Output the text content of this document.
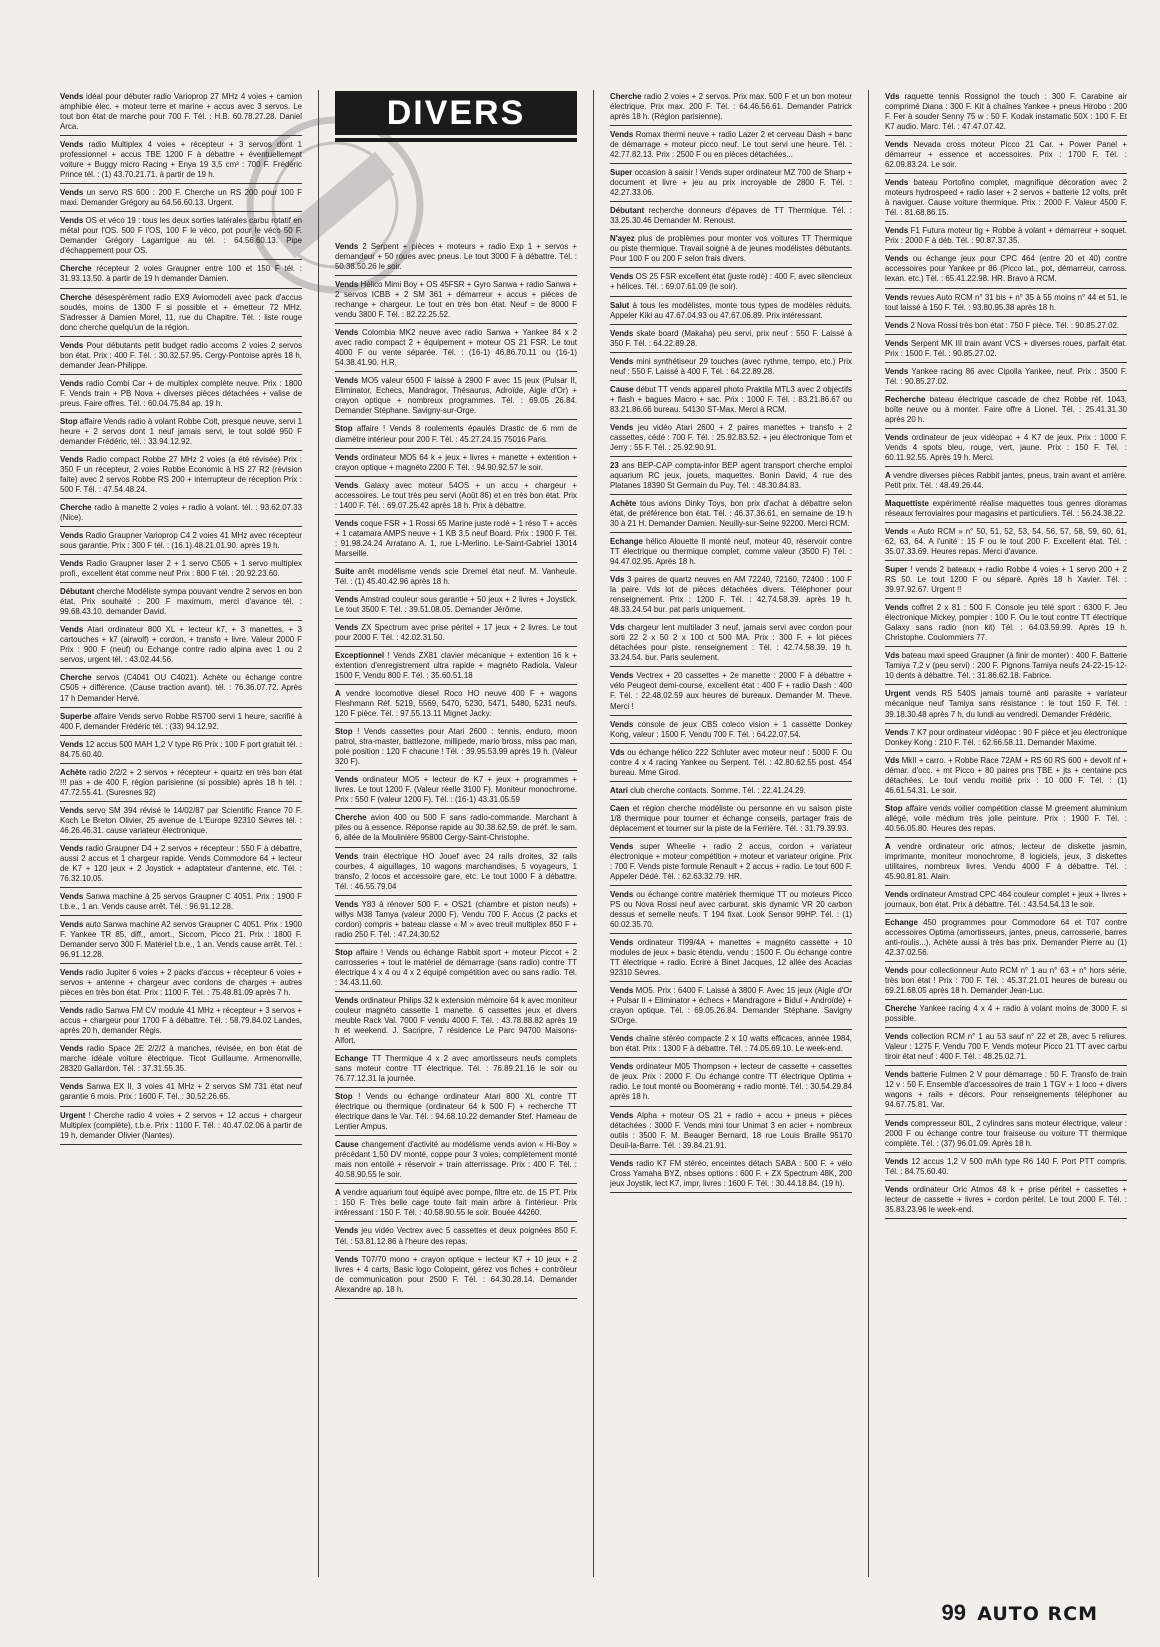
DIVERS
Vends idéal pour débuter radio Varioprop 27 MHz 4 voies + camion amphibie élec. + moteur terre et marine + accus avec 3 servos. Le tout bon état de marche pour 700 F. Tél. : H.B. 60.78.27.28. Daniel Arca.
Vends radio Multiplex 4 voies + récepteur + 3 servos dont 1 professionnel + accus TBE 1200 F à débattre + éventuellement voiture + Buggy micro Racing + Enya 19 3,5 cm³ : 700 F. Frédéric Prince tél. : (1) 43.70.21.71. à partir de 19 h.
Vends un servo RS 600 : 200 F. Cherche un RS 200 pour 100 F maxi. Demander Grégory au 64.56.60.13. Urgent.
Vends OS et véco 19 : tous les deux sorties latérales carbu rotatif en métal pour l'OS. 500 F l'OS, 100 F le véco, pot pour le véco 50 F. Demander Grégory Lagarrigue au tél. : 64.56.60.13. Pipe d'échappement pour OS.
Cherche récepteur 2 voies Graupner entre 100 et 150 F tél. : 31.93.13.50. à partir de 19 h demander Damien.
Cherche désespérément radio EX9 Aviomodeli avec pack d'accus soudés, moins de 1300 F si possible et + émetteur 72 MHz. S'adresser à Damien Morel, 11, rue du Chapitre. Tél. : liste rouge donc cherche quelqu'un de la région.
Vends Pour débutants petit budget radio accoms 2 voies 2 servos bon état. Prix : 400 F. Tél. : 30.32.57.95. Cergy-Pontoise après 18 h, demander Jean-Philippe.
Vends radio Combi Car + de multiplex complète neuve. Prix : 1800 F. Vends train + PB Nova + diverses pièces détachées + valise de preus. Faire offres. Tél. : 60.04.75.84 ap. 19 h.
Stop affaire Vends radio à volant Robbe Colt, presque neuve, servi 1 heure + 2 servos dont 1 neuf jamais servi, le tout soldé 950 F demander Frédéric, tél. : 33.94.12.92.
Vends Radio compact Robbe 27 MHz 2 voies (a été révisée) Prix : 350 F un récepteur, 2 voies Robbe Economic à HS 27 R2 (révision faite) avec 2 servos Robbe RS 200 + interrupteur de réception Prix : 500 F. Tél. : 47.54.48.24.
Cherche radio à manette 2 voies + radio à volant. tél. : 93.62.07.33 (Nice).
Vends Radio Graupner Varioprop C4 2 voies 41 MHz avec récepteur sous garantie. Prix : 300 F tél. : (16.1).48.21.01.90. après 19 h.
Vends Radio Graupner laser 2 + 1 servo C505 + 1 servo multiplex profi., excellent état comme neuf Prix : 800 F tél. : 20.92.23.60.
Débutant cherche Modéliste sympa pouvant vendre 2 servos en bon état. Prix souhaité : 200 F maximum, merci d'avance tél. : 99.68.43.10. demander David.
Vends Atari ordinateur 800 XL + lecteur k7, + 3 manettes, + 3 cartouches + k7 (airwolf) + cordon, + transfo + livre. Valeur 2000 F Prix : 900 F (neuf) ou Echange contre radio alpina avec 1 ou 2 servos, urgent tél. : 43.02.44.56.
Cherche servos (C4041 OU C4021). Achète ou échange contre C505 + différence. (Cause traction avant). tél. : 76.36.07.72. Après 17 h Demander Hervé.
Superbe affaire Vends servo Robbe RS700 servi 1 heure, sacrifié à 400 F, demander Frédéric tél. : (33) 94.12.92.
Vends 12 accus 500 MAH 1,2 V type R6 Prix : 100 F port gratuit tél. : 84.75.60.40.
Achète radio 2/2/2 + 2 servos + récepteur + quartz en très bon état !!! pas + de 400 F, région parisienne (si possible) après 18 h tél. : 47.72.55.41. (Suresnes 92)
Vends servo SM 394 révisé le 14/02/87 par Scientific France 70 F. Koch Le Breton Olivier, 25 avenue de L'Europe 92310 Sèvres tél. : 46.26.46.31. cause variateur électronique.
Vends radio Graupner D4 + 2 servos + récepteur : 550 F à débattre, aussi 2 accus et 1 chargeur rapide. Vends Commodore 64 + lecteur de K7 + 120 jeux + 2 Joystick + adaptateur d'antenne, etc. Tél. : 76.32.10.05.
Vends Sanwa machine à 25 servos Graupner C 4051. Prix : 1900 F t.b.e., 1 an. Vends cause arrêt. Tél. : 96.91.12.28.
Vends auto Sanwa machine A2 servos Graupner C 4051. Prix : 1900 F. Yankee TR 85, diff., amort., Siccom, Picco 21. Prix : 1800 F. Demander servo 300 F. Matériel t.b.e., 1 an. Vends cause arrêt. Tél. : 96.91.12.28.
Vends radio Jupiter 6 voies + 2 packs d'accus + récepteur 6 voies + servos + antenne + chargeur avec cordons de charges + autres pièces en très bon état. Prix : 1100 F. Tél. : 75.48.81.09 après 7 h.
Vends radio Sanwa FM CV module 41 MHz + récepteur + 3 servos + accus + chargeur pour 1700 F à débattre. Tél. : 58.79.84.02 Landes, après 20 h, demander Régis.
Vends radio Space 2E 2/2/2 à manches, révisée, en bon état de marche idéale voiture électrique. Ticot Guillaume. Armenonville, 28320 Gallardon. Tél. : 37.31.55.35.
Vends Sanwa EX II, 3 voies 41 MHz + 2 servos SM 731 état neuf garantie 6 mois. Prix : 1600 F. Tél. : 30.52.26.65.
Urgent ! Cherche radio 4 voies + 2 servos + 12 accus + chargeur Multiplex (complète), t.b.e. Prix : 1100 F. Tél. : 40.47.02.06 à partir de 19 h, demander Olivier (Nantes).
Vends 2 Serpent + pièces + moteurs + radio Exp 1 + servos + demandeur + 50 roues avec pneus. Le tout 3000 F à débattre. Tél. : 50.38.50.26 le soir.
Vends Hélico Mimi Boy + OS 45FSR + Gyro Sanwa + radio Sanwa + 2 servos ICBB + 2 SM 361 + démarreur + accus + pièces de rechange + chargeur. Le tout en très bon état. Neuf = de 8000 F vendu 3800 F. Tél. : 82.22.25.52.
Vends Colombia MK2 neuve avec radio Sanwa + Yankee 84 x 2 avec radio compact 2 + équipement + moteur OS 21 FSR. Le tout 4000 F ou vente séparée. Tél. : (16-1) 46.86.70.11 ou (16-1) 54.38.41.90. H.R.
Vends MO5 valeur 6500 F laissé à 2900 F avec 15 jeux (Pulsar II, Eliminator, Echecs, Mandragor, Thésaurus, Adroïde, Aigle d'Or) + crayon optique + nombreux programmes. Tél. : 69.05 26.84. Demander Stéphane. Savigny-sur-Orge.
Stop affaire ! Vends 8 roulements épaulés Drastic de 6 mm de diamètre intérieur pour 200 F. Tél. : 45.27.24.15 75016 Paris.
Vends ordinateur MO5 64 k + jeux + livres + manette + extention + crayon optique + magnéto 2200 F. Tél. : 94.90.92.57 le soir.
Vends Galaxy avec moteur 54OS + un accu + chargeur + accessoires. Le tout très peu servi (Août 86) et en très bon état. Prix : 1400 F. Tél. : 69.07.25.42 après 18 h. Prix à débattre.
Vends coque FSR + 1 Rossi 65 Marine juste rodé + 1 réso T + accès + 1 catamara AMPS neuve + 1 KB 3,5 neuf Board. Prix : 1900 F. Tél. : 91.98.24.24 Arratano A. 1, rue L-Merlino. Le-Saint-Gabriel 13014 Marseille.
Suite arrêt modélisme vends scie Dremel état neuf. M. Vanheule. Tél. : (1) 45.40.42.96 après 18 h.
Vends Amstrad couleur sous garantie + 50 jeux + 2 livres + Joystick. Le tout 3500 F. Tél. : 39.51.08.05. Demander Jérôme.
Vends ZX Spectrum avec prise péritel + 17 jeux + 2 livres. Le tout pour 2000 F. Tél. : 42.02.31.50.
Exceptionnel ! Vends ZX81 clavier mécanique + extention 16 k + extention d'enregistrement ultra rapide + magnéto Radiola. Valeur 1500 F, Vendu 800 F. Tél. : 35.60.51.18
A vendre locomotive diesel Roco HO neuve 400 F + wagons Fleshmann Réf. 5219, 5569, 5470, 5230, 5471, 5480, 5231 neufs. 120 F pièce. Tél. : 97.55.13.11 Mignet Jacky.
Stop ! Vends cassettes pour Atari 2600 : tennis, enduro, moon patrol, stra-master, battlezone, millipede, mario bross, miss pac man, pole position : 120 F chacune ! Tél. : 39.95.53.99 après 19 h. (Valeur 320 F).
Vends ordinateur MO5 + lecteur de K7 + jeux + programmes + livres. Le tout 1200 F. (Valeur réelle 3100 F). Moniteur monochrome. Prix : 550 F (valeur 1200 F). Tél. : (16-1) 43.31.05.59
Cherche avion 400 ou 500 F sans radio-commande. Marchant à piles ou à essence. Réponse rapide au 30.38.62.59. de préf. le sam. 6, allée de la Moulinière 95800 Cergy-Saint-Christophe.
Vends train électrique HO Jouef avec 24 rails droites, 32 rails courbes, 4 aiguillages, 10 wagons marchandises, 5 voyageurs, 1 transfo, 2 locos et accessoire gare, etc. Le tout 1000 F à débattre. Tél. : 46.55.79.04
Vends Y83 à rénover 500 F. + OS21 (chambre et piston neufs) + willys M38 Tamya (valeur 2000 F). Vendu 700 F. Accus (2 packs et cordon) compris + bateau classe « M » avec treuil multiplex 850 F + radio 250 F. Tél. : 47.24.30.52
Stop affaire ! Vends ou échange Rabbit sport + moteur Piccot + 2 carrosseries + tout le matériel de démarrage (sans radio) contre TT électrique 4 x 4 ou 4 x 2 équipé compétition avec ou sans radio. Tél. : 34.43.11.60.
Vends ordinateur Philips 32 k extension mémoire 64 k avec moniteur couleur magnéto cassette 1 manette. 6 cassettes jeux et divers meuble Rack Val. 7000 F vendu 4000 F. Tél. : 43.78.88.82 après 19 h et weekend. J. Sacripre, 7 résidence Le Parc 94700 Maisons-Alfort.
Echange TT Thermique 4 x 2 avec amortisseurs neufs complets sans moteur contre TT électrique. Tél. : 76.89.21.16 le soir ou 76.77.12.31 la journée.
Stop ! Vends ou échange ordinateur Atari 800 XL contre TT électrique ou thermique (ordinateur 64 k 500 F) + recherche TT électrique dans le Var. Tél. : 94.68.10.22 demander Stef. Hameau de Lentier Ampus.
Cause changement d'activité au modélisme vends avion « Hi-Boy » précédant 1,50 DV monté, coppe pour 3 voies, complètement monté mais non entoilé + réservoir + train atterrissage. Prix : 400 F. Tél. : 40.58.90.55 le soir.
A vendre aquarium tout équipé avec pompe, filtre etc. de 15 PT. Prix : 150 F. Très belle cage toute fait main arbre à l'intérieur. Prix intéressant : 150 F. Tél. : 40.58.90.55 le soir. Bouée 44260.
Vends jeu vidéo Vectrex avec 5 cassettes et deux poignées 850 F. Tél. : 53.81.12.86 à l'heure des repas.
Vends T07/70 mono + crayon optique + lecteur K7 + 10 jeux + 2 livres + 4 carts, Basic logo Colopeint, gérez vos fiches + contrôleur de communication pour 2500 F. Tél. : 64.30.28.14. Demander Alexandre ap. 18 h.
Cherche radio 2 voies + 2 servos. Prix max. 500 F et un bon moteur électrique. Prix max. 200 F. Tél. : 64.46.56.61. Demander Patrick après 18 h. (Région parisienne).
Vends Romax thermi neuve + radio Lazer 2 et cerveau Dash + banc de démarrage + moteur picco neuf. Le tout servi une heure. Tél. : 42.77.82.13. Prix : 2500 F ou en pièces détachées...
Super occasion à saisir ! Vends super ordinateur MZ 700 de Sharp + document et livre + jeu au prix incroyable de 2800 F. Tél. : 42.27.33.06.
Débutant recherche donneurs d'épaves de TT Thermique. Tél. : 33.25.30.46 Demander M. Renoust.
N'ayez plus de problèmes pour monter vos voitures TT Thermique ou piste thermique. Travail soigné à de jeunes modélistes débutants. Pour 100 F ou 200 F selon frais divers.
Vends OS 25 FSR excellent état (juste rodé) : 400 F, avec silencieux + hélices. Tél. : 69.07.61.09 (le soir).
Salut à tous les modélistes, monte tous types de modèles réduits. Appeler Kiki au 47.67.04.93 ou 47.67.06.89. Prix intéressant.
Vends skate board (Makaha) peu servi, prix neuf : 550 F. Laissé à 350 F. Tél. : 64.22.89.28.
Vends mini synthétiseur 29 touches (avec rythme, tempo, etc.) Prix neuf : 550 F. Laissé à 400 F. Tél. : 64.22.89.28.
Cause début TT vends appareil photo Praktila MTL3 avec 2 objectifs + flash + bagues Macro + sac. Prix : 1000 F. Tél. : 83.21.86.67 ou 83.21.86.66 bureau. 54130 ST-Max. Merci à RCM.
Vends jeu vidéo Atari 2600 + 2 paires manettes + transfo + 2 cassettes, cédé : 700 F. Tél. : 25.92.83.52. + jeu électronique Tom et Jerry : 55 F. Tél. : 25.92.90.91.
23 ans BEP-CAP compta-infor BEP agent transport cherche emploi aquarium RC jeux, jouets, maquettes. Bonin David, 4 rue des Platanes 18390 St Germain du Puy. Tél. : 48.30.84.83.
Achète tous avions Dinky Toys, bon prix d'achat à débattre selon état, de préférence bon état. Tél. : 46.37.36.61, en semaine de 19 h 30 à 21 H. Demander Damien. Neuilly-sur-Seine 92200. Merci RCM.
Echange hélico Alouette II monté neuf, moteur 40, réservoir contre TT électrique ou thermique complet, comme valeur (3500 F) Tél. : 94.47.02.95. Après 18 h.
Vds 3 paires de quartz neuves en AM 72240, 72160, 72400 : 100 F la paire. Vds lot de pièces détachées divers. Téléphoner pour renseignement. Prix : 1200 F. Tél. : 42.74.58.39. après 19 h. 48.33.24.54 bur. pat paris uniquement.
Vds chargeur lent multilader 3 neuf, jamais servi avec cordon pour sorti 22 2 x 50 2 x 100 ct 500 MA. Prix : 300 F. + lot pièces détachées pour piste. renseignement : Tél. : 42.74.58.39. 19 h. 33.24.54. bur. Paris seulement.
Vends Vectrex + 20 cassettes + 2e manette : 2000 F à débattre + vélo Peugeot demi-course, excellent état : 400 F + radio Dash : 400 F. Tél. : 22.48.02.59 aux heures de bureaux. Demander M. Theve. Merci !
Vends console de jeux CBS coleco vision + 1 cassette Donkey Kong, valeur : 1500 F. Vendu 700 F. Tél. : 64.22.07.54.
Vds ou échange hélico 222 Schluter avec moteur neuf : 5000 F. Ou contre 4 x 4 racing Yankee ou Serpent. Tél. : 42.80.62.55 post. 454 bureau. Mme Girod.
Atari club cherche contacts. Somme. Tél. : 22.41.24.29.
Caen et région cherche modéliste ou personne en vu saison piste 1/8 thermique pour tourner et échange conseils, partager frais de déplacement et tourner sur la piste de la Ferrière. Tél. : 31.79.39.93.
Vends super Wheelie + radio 2 accus, cordon + variateur électronique + moteur compétition + moteur et variateur origine. Prix : 700 F. Vends piste formule Renault + 2 accus + radio. Le tout 600 F. Appeler Dédé. Tél. : 62.63.32.79. HR.
Vends ou échange contre matériek thermique TT ou moteurs Picco PS ou Nova Rossi neuf avec carburat. skis dynamic VR 20 carbon dessus et semelle neufs. T 194 fixat. Look Sensor 99HP. Tél. : (1) 60.02.35.70.
Vends ordinateur TI99/4A + manettes + magnéto cassette + 10 modules de jeux + basic étendu, vendu : 1500 F. Ou échange contre TT électrique + radio. Ecrire à Binet Jacques, 12 allée des Acacias 92310 Sèvres.
Vends MO5. Prix : 6400 F. Laissé à 3800 F. Avec 15 jeux (Aigle d'Or + Pulsar II + Eliminator + échecs + Mandragore + Bidul + Androïde) + crayon optique. Tél. : 69.05.26.84. Demander Stéphane. Savigny S/Orge.
Vends chaîne stéréo compacte 2 x 10 watts efficaces, année 1984, bon état. Prix : 1300 F à débattre. Tél. : 74.05.69.10. Le week-end.
Vends ordinateur M05 Thompson + lecteur de cassette + cassettes de jeux. Prix : 2000 F. Ou échange contre TT électrique Optima + radio. Le tout monté ou Boomerang + radio monté. Tél. : 30.54.29.84 après 18 h.
Vends Alpha + moteur OS 21 + radio + accu + pneus + pièces détachées : 3000 F. Vends mini tour Unimat 3 en acier + nombreux outils : 3500 F. M. Beauger Bernard, 18 rue Louis Braille 95170 Deuil-la-Barre. Tél. : 39.84.21.91.
Vends radio K7 FM stéréo, enceintes détach SABA : 500 F. + vélo Cross Yamaha BYZ, nbses options : 600 F. + ZX Spectrum 48K, 200 jeux Joystik, lect K7, impr, livres : 1600 F. Tél. : 30.44.18.84. (19 h).
Vds raquette tennis Rossignol the touch : 300 F. Carabine air comprimé Diana : 300 F. Kit à chaînes Yankee + pneus Hirobo : 200 F. Fer à souder Senny 75 w : 50 F. Kodak instamatic 50X : 100 F. Et K7 audio. Marc. Tél. : 47.47.07.42.
Vends Nevada cross moteur Picco 21 Car. + Power Panel + démarreur + essence et accessoires. Prix : 1700 F. Tél. : 62.09.83.24. Le soir.
Vends bateau Portofino complet, magnifique décoration avec 2 moteurs hydrospeed + radio laser + 2 servos + batterie 12 volts, prêt à naviguer. Cause voiture thermique. Prix : 2000 F. Valeur 4500 F. Tél. : 81.68.86.15.
Vends F1 Futura moteur tig + Robbe à volant + démarreur + soquet. Prix : 2000 F à déb. Tél. : 90.87.37.35.
Vends ou échange jeux pour CPC 464 (entre 20 et 40) contre accessoires pour Yankee pr 86 (Picco lat., pot, démarreur, carross. lexan. etc.) Tél. : 65.41.22.98. HR. Bravo à RCM.
Vends revues Auto RCM n° 31 bis + n° 35 à 55 moins n° 44 et 51, le tout laissé à 150 F. Tél. : 93.80.95.38 après 18 h.
Vends 2 Nova Rossi très bon état : 750 F pièce. Tél. : 90.85.27.02.
Vends Serpent MK III train avant VCS + diverses roues, parfait état. Prix : 1500 F. Tél. : 90.85.27.02.
Vends Yankee racing 86 avec Cipolla Yankee, neuf. Prix : 3500 F. Tél. : 90.85.27.02.
Recherche bateau électrique cascade de chez Robbe réf. 1043, boîte neuve ou à monter. Faire offre à Lionel. Tél. : 25.41.31.30 après 20 h.
Vends ordinateur de jeux vidéopac + 4 K7 de jeux. Prix : 1000 F. Vends 4 spots bleu, rouge, vert, jaune. Prix : 150 F. Tél. : 60.11.92.55. Après 19 h. Merci.
A vendre diverses pièces Rabbit jantes, pneus, train avant et arrière. Petit prix. Tél. : 48.49.26.44.
Maquettiste expérimenté réalise maquettes tous genres dioramas réseaux ferroviaires pour magasins et particuliers. Tél. : 56.24.38.22.
Vends « Auto RCM » n° 50, 51, 52, 53, 54, 56, 57, 58, 59, 60, 61, 62, 63, 64. A l'unité : 15 F ou le tout 200 F. Excellent état. Tél. : 35.07.33.69. Heures repas. Merci d'avance.
Super ! vends 2 bateaux + radio Robbe 4 voies + 1 servo 200 + 2 RS 50. Le tout 1200 F ou séparé. Après 18 h Xavier. Tél. : 39.97.92.67. Urgent !!
Vends coffret 2 x 81 : 500 F. Console jeu télé sport : 6300 F. Jeu électronique Mickey, pompier : 100 F. Ou le tout contre TT électrique Galaxy sans radio (non kit) Tél. : 64.03.59.99. Après 19 h. Christophe. Coulommiers 77.
Vds bateau maxi speed Graupner (à finir de monter) : 400 F. Batterie Tamiya 7,2 v (peu servi) : 200 F. Pignons Tamiya neufs 24-22-15-12-10 dents à débattre. Tél. : 31.86.62.18. Fabrice.
Urgent vends RS 540S jamais tourné anti parasite + variateur mécanique neuf Tamiya sans résistance : le tout 150 F. Tél. : 39.18.30.48 après 7 h, du lundi au vendredi. Demander Frédéric.
Vends 7 K7 pour ordinateur vidéopac : 90 F pièce et jeu électronique Donkey Kong : 210 F. Tél. : 62.66.58.11. Demander Maxime.
Vds MkII + carro. + Robbe Race 72AM + RS 60 RS 600 + devolt nf + démar. d'occ. + mt Picco + 80 paires pns TBE + jts + centaine pcs détachées. Le tout vendu moitié prix : 10 000 F. Tél. : (1) 46.61.54.31. Le soir.
Stop affaire vends voilier compétition classe M greement aluminium allégé, voile médium très jolie peinture. Prix : 1900 F. Tél. : 40.56.05.80. Heures des repas.
A vendre ordinateur oric atmos, lecteur de diskette jasmin, imprimante, moniteur monochrome, 8 logiciels, jeux, 3 diskettes utilitaires, nombreux livres. Vendu 4000 F à débattre. Tél. : 45.90.81.81. Alain.
Vends ordinateur Amstrad CPC 464 couleur complet + jeux + livres + journaux, bon état. Prix à débattre. Tél. : 43.54.54.13 le soir.
Echange 450 programmes pour Commodore 64 et T07 contre accessoires Optima (amortisseurs, jantes, pneus, carrosserie, barres anti-roulis...). Achète aussi à très bas prix. Demander Pierre au (1) 42.37.02.56.
Vends pour collectionneur Auto RCM n° 1 au n° 63 + n° hors série, très bon état ! Prix : 700 F. Tél. : 45.37.21.01 heures de bureau ou 69.21.68.05 après 18 h. Demander Jean-Luc.
Cherche Yankee racing 4 x 4 + radio à volant moins de 3000 F. si possible.
Vends collection RCM n° 1 au 53 sauf n° 22 et 28, avec 5 reliures. Valeur : 1275 F. Vendu 700 F. Vends moteur Picco 21 TT avec carbu tiroir état neuf : 400 F. Tél. : 48.25.02.71.
Vends batterie Fulmen 2 V pour démarrage : 50 F. Transfo de train 12 v : 50 F. Ensemble d'accessoires de train 1 TGV + 1 loco + divers wagons + rails + décors. Pour renseignements téléphoner au 94.67.75.81. Var.
Vends compresseur 80L, 2 cylindres sans moteur électrique, valeur : 2000 F ou échange contre tour fraiseuse ou voiture TT thermique complète. Tél. : (37) 96.01.09. Après 18 h.
Vends 12 accus 1,2 V 500 mAh type R6 140 F. Port PTT compris. Tél. : 84.75.60.40.
Vends ordinateur Oric Atmos 48 k + prise péritel + cassettes + lecteur de cassette + livres + cordon péritel. Le tout 2000 F. Tél. : 35.83.23.96 le week-end.
99 AUTO RCM
